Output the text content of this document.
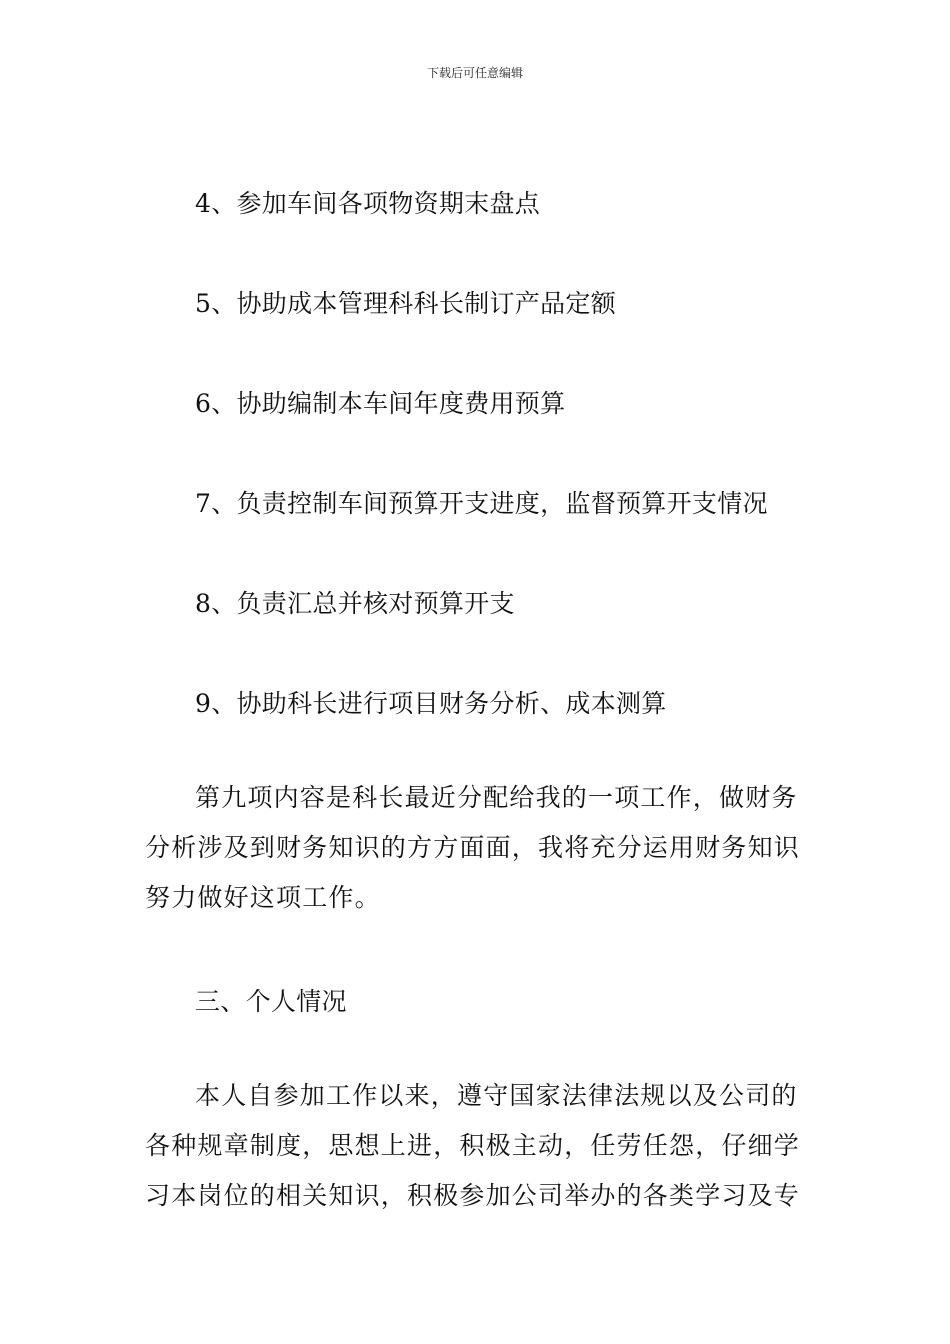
下载后可任意编辑
4、参加车间各项物资期末盘点
5、协助成本管理科科长制订产品定额
6、协助编制本车间年度费用预算
7、负责控制车间预算开支进度，监督预算开支情况
8、负责汇总并核对预算开支
9、协助科长进行项目财务分析、成本测算
第九项内容是科长最近分配给我的一项工作，做财务分析涉及到财务知识的方方面面，我将充分运用财务知识努力做好这项工作。
三、个人情况
本人自参加工作以来，遵守国家法律法规以及公司的各种规章制度，思想上进，积极主动，任劳任怨，仔细学习本岗位的相关知识，积极参加公司举办的各类学习及专
